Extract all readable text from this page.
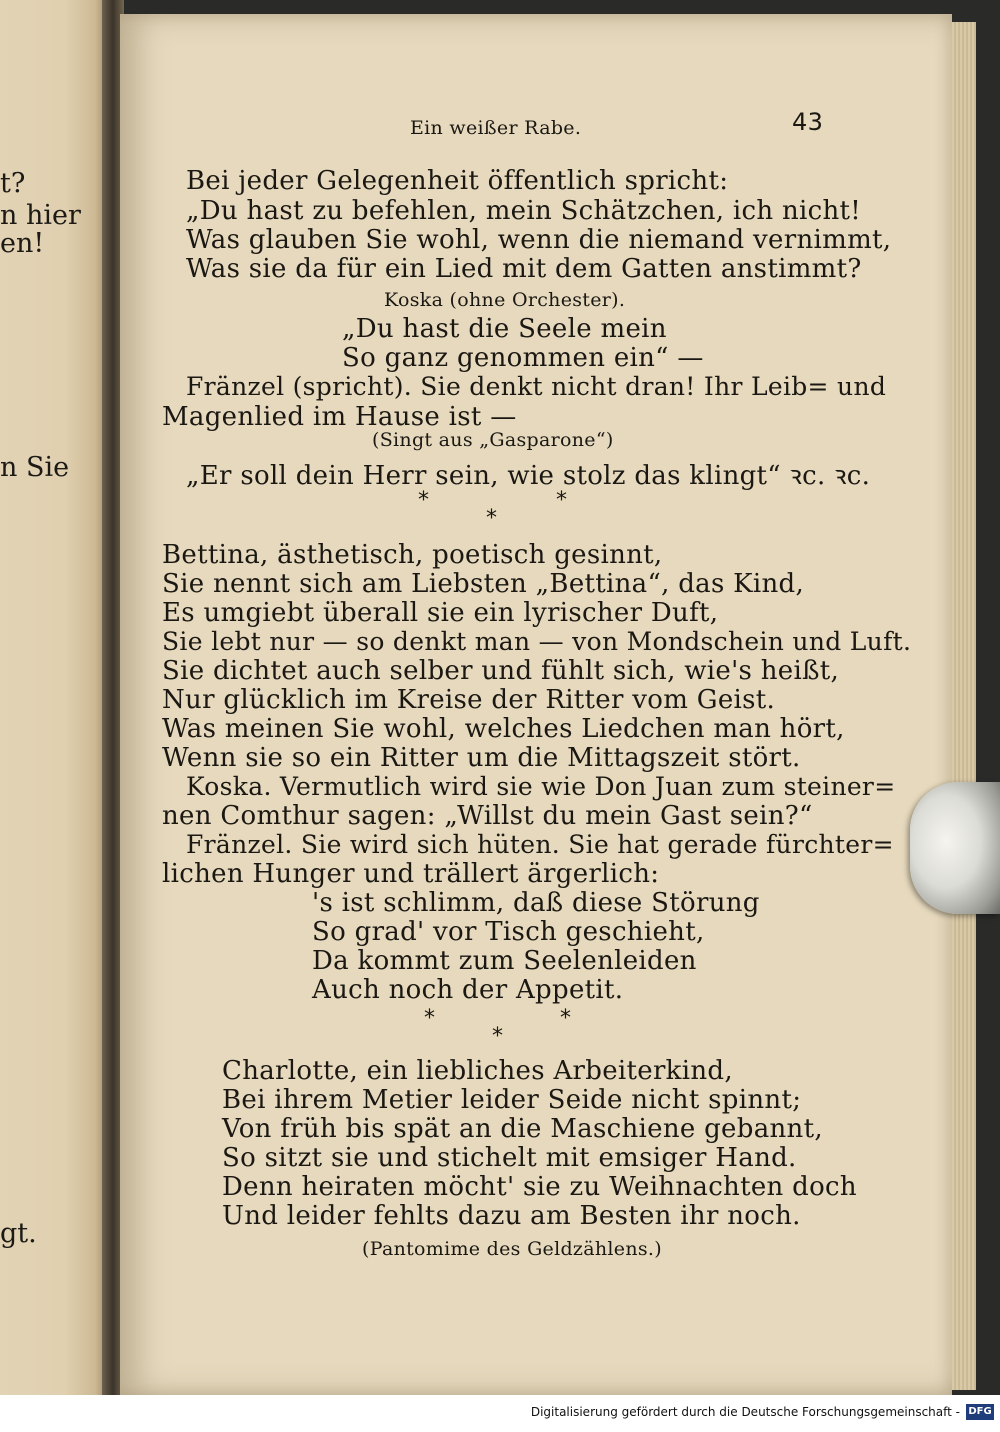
t?
n hier
en!
n Sie
gt.
Ein weißer Rabe.	43
Bei jeder Gelegenheit öffentlich spricht:
„Du hast zu befehlen, mein Schätzchen, ich nicht!
Was glauben Sie wohl, wenn die niemand vernimmt,
Was sie da für ein Lied mit dem Gatten anstimmt?
Koska (ohne Orchester).
„Du hast die Seele mein
So ganz genommen ein“ —
Fränzel (spricht). Sie denkt nicht dran! Ihr Leib= und
Magenlied im Hause ist —
(Singt aus „Gasparone“)
„Er soll dein Herr sein, wie stolz das klingt“ ꝛc. ꝛc.
*	*
*
Bettina, ästhetisch, poetisch gesinnt,
Sie nennt sich am Liebsten „Bettina“, das Kind,
Es umgiebt überall sie ein lyrischer Duft,
Sie lebt nur — so denkt man — von Mondschein und Luft.
Sie dichtet auch selber und fühlt sich, wie's heißt,
Nur glücklich im Kreise der Ritter vom Geist.
Was meinen Sie wohl, welches Liedchen man hört,
Wenn sie so ein Ritter um die Mittagszeit stört.
Koska. Vermutlich wird sie wie Don Juan zum steiner=
nen Comthur sagen: „Willst du mein Gast sein?“
Fränzel. Sie wird sich hüten. Sie hat gerade fürchter=
lichen Hunger und trällert ärgerlich:
's ist schlimm, daß diese Störung
So grad' vor Tisch geschieht,
Da kommt zum Seelenleiden
Auch noch der Appetit.
*	*
*
Charlotte, ein liebliches Arbeiterkind,
Bei ihrem Metier leider Seide nicht spinnt;
Von früh bis spät an die Maschiene gebannt,
So sitzt sie und stichelt mit emsiger Hand.
Denn heiraten möcht' sie zu Weihnachten doch
Und leider fehlts dazu am Besten ihr noch.
(Pantomime des Geldzählens.)
Digitalisierung gefördert durch die Deutsche Forschungsgemeinschaft - DFG
